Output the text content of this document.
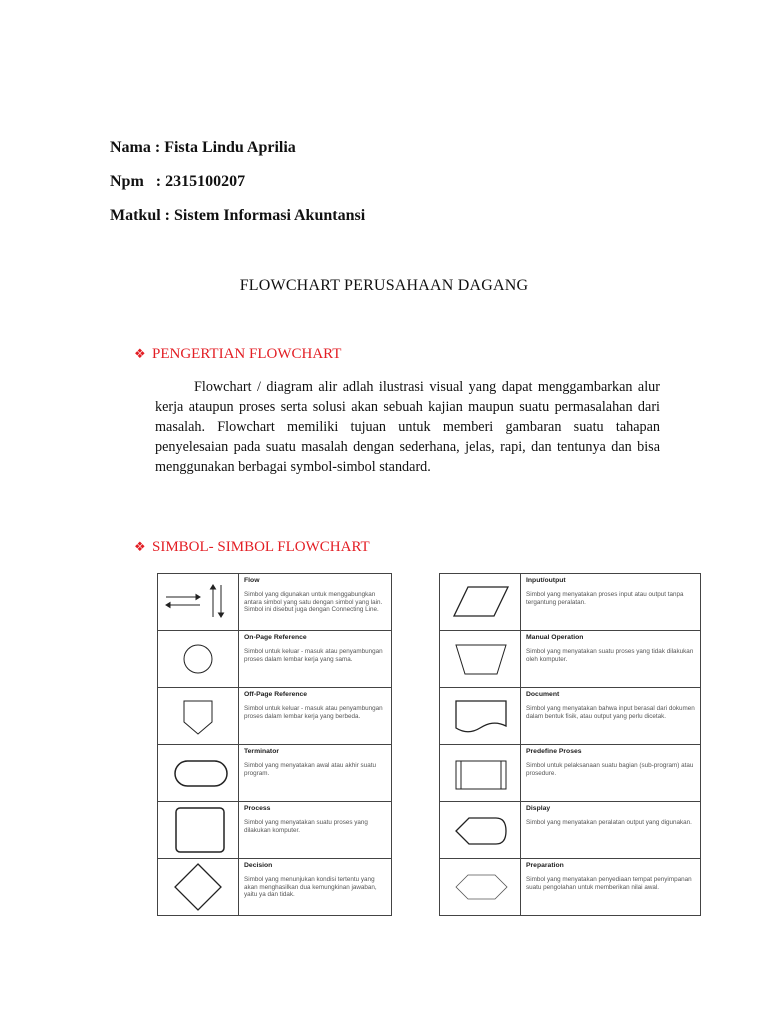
Nama : Fista Lindu Aprilia
Npm   : 2315100207
Matkul : Sistem Informasi Akuntansi
FLOWCHART PERUSAHAAN DAGANG
❖ PENGERTIAN FLOWCHART
Flowchart / diagram alir adlah ilustrasi visual yang dapat menggambarkan alur kerja ataupun proses serta solusi akan sebuah kajian maupun suatu permasalahan dari masalah. Flowchart memiliki tujuan untuk memberi gambaran suatu tahapan penyelesaian pada suatu masalah dengan sederhana, jelas, rapi, dan tentunya dan bisa menggunakan berbagai symbol-simbol standard.
❖ SIMBOL- SIMBOL FLOWCHART

Flow
Simbol yang digunakan untuk menggabungkan antara simbol yang satu dengan simbol yang lain. Simbol ini disebut juga dengan Connecting Line.

On-Page Reference
Simbol untuk keluar - masuk atau penyambungan proses dalam lembar kerja yang sama.

Off-Page Reference
Simbol untuk keluar - masuk atau penyambungan proses dalam lembar kerja yang berbeda.

Terminator
Simbol yang menyatakan awal atau akhir suatu program.

Process
Simbol yang menyatakan suatu proses yang dilakukan komputer.

Decision
Simbol yang menunjukan kondisi tertentu yang akan menghasilkan dua kemungkinan jawaban, yaitu ya dan tidak.

Input/output
Simbol yang menyatakan proses input atau output tanpa tergantung peralatan.

Manual Operation
Simbol yang menyatakan suatu proses yang tidak dilakukan oleh komputer.

Document
Simbol yang menyatakan bahwa input berasal dari dokumen dalam bentuk fisik, atau output yang perlu dicetak.

Predefine Proses
Simbol untuk pelaksanaan suatu bagian (sub-program) atau prosedure.

Display
Simbol yang menyatakan peralatan output yang digunakan.

Preparation
Simbol yang menyatakan penyediaan tempat penyimpanan suatu pengolahan untuk memberikan nilai awal.
